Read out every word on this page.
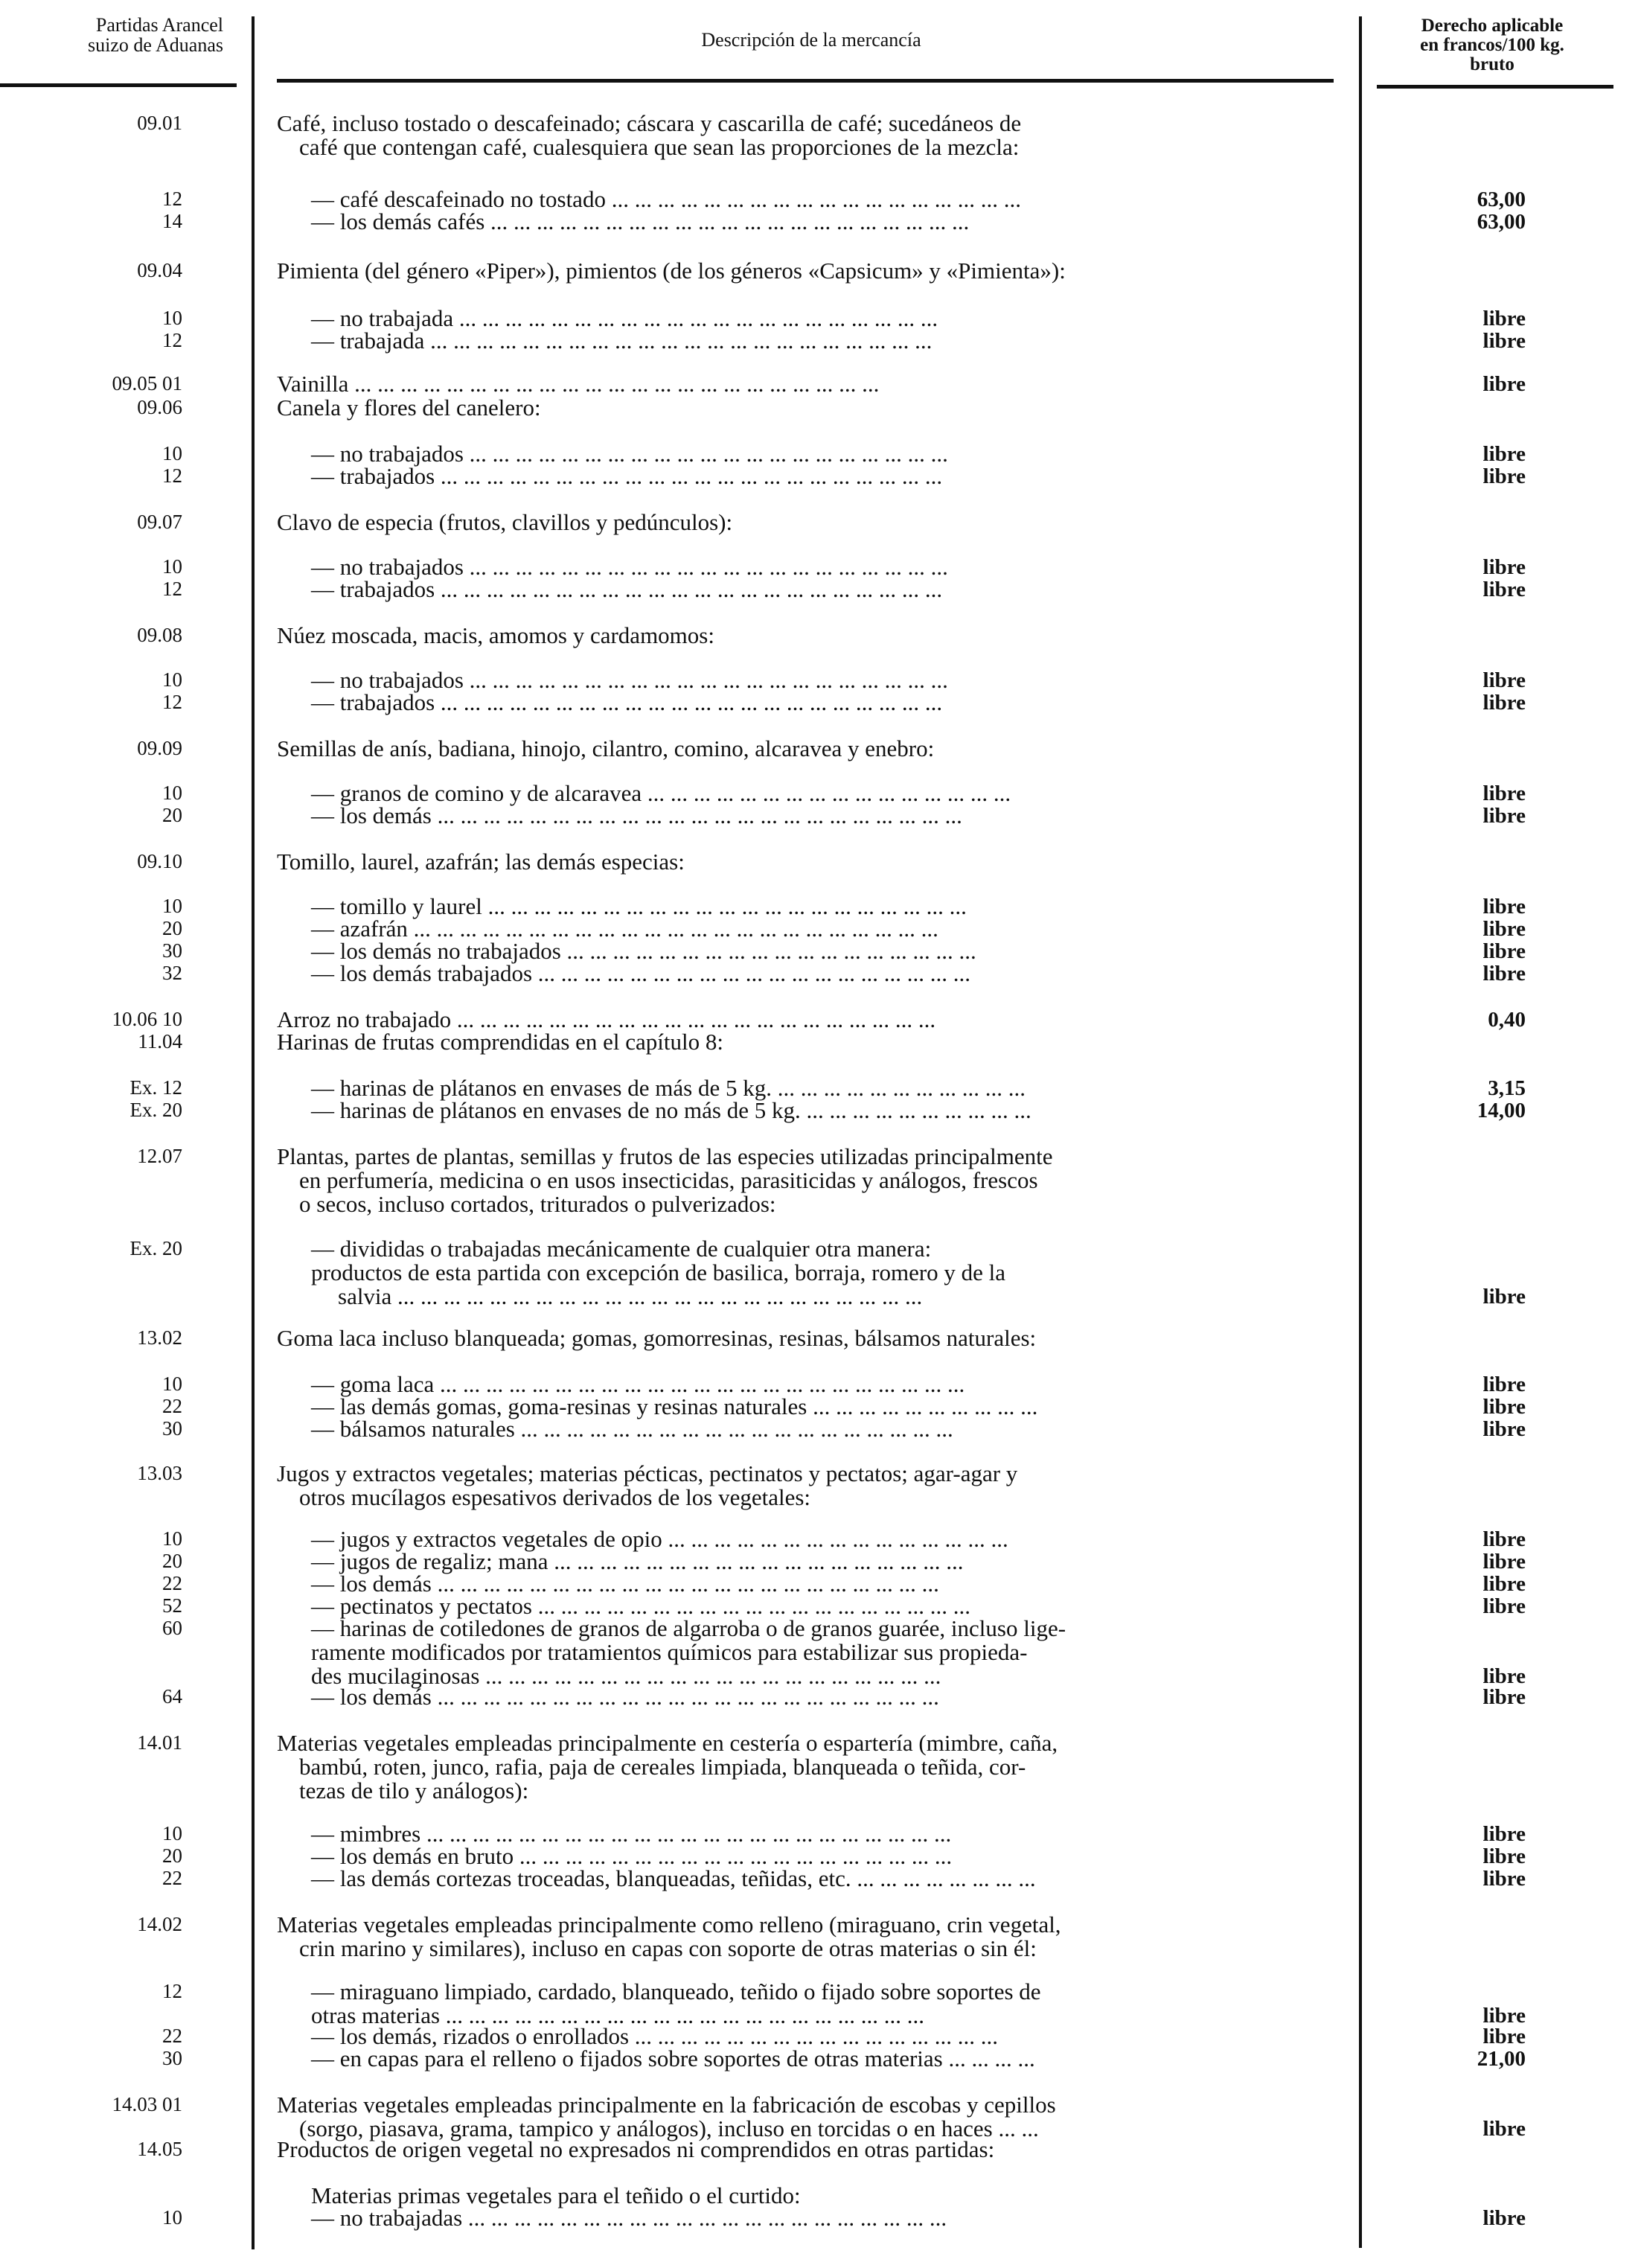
Partidas Arancel
suizo de Aduanas	Descripción de la mercancía
Derecho aplicable
en francos/100 kg.
bruto
09.01	Café, incluso tostado o descafeinado; cáscara y cascarilla de café; sucedáneos de
café que contengan café, cualesquiera que sean las proporciones de la mezcla:
12	— café descafeinado no tostado ... ... ... ... ... ... ... ... ... ... ... ... ... ... ... ... ... ...	63,00
14	— los demás cafés ... ... ... ... ... ... ... ... ... ... ... ... ... ... ... ... ... ... ... ... ...	63,00
09.04	Pimienta (del género «Piper»), pimientos (de los géneros «Capsicum» y «Pimienta»):
10	— no trabajada ... ... ... ... ... ... ... ... ... ... ... ... ... ... ... ... ... ... ... ... ...	libre
12	— trabajada ... ... ... ... ... ... ... ... ... ... ... ... ... ... ... ... ... ... ... ... ... ...	libre
09.05 01	Vainilla ... ... ... ... ... ... ... ... ... ... ... ... ... ... ... ... ... ... ... ... ... ... ...	libre
09.06	Canela y flores del canelero:
10	— no trabajados ... ... ... ... ... ... ... ... ... ... ... ... ... ... ... ... ... ... ... ... ...	libre
12	— trabajados ... ... ... ... ... ... ... ... ... ... ... ... ... ... ... ... ... ... ... ... ... ...	libre
09.07	Clavo de especia (frutos, clavillos y pedúnculos):
10	— no trabajados ... ... ... ... ... ... ... ... ... ... ... ... ... ... ... ... ... ... ... ... ...	libre
12	— trabajados ... ... ... ... ... ... ... ... ... ... ... ... ... ... ... ... ... ... ... ... ... ...	libre
09.08	Núez moscada, macis, amomos y cardamomos:
10	— no trabajados ... ... ... ... ... ... ... ... ... ... ... ... ... ... ... ... ... ... ... ... ...	libre
12	— trabajados ... ... ... ... ... ... ... ... ... ... ... ... ... ... ... ... ... ... ... ... ... ...	libre
09.09	Semillas de anís, badiana, hinojo, cilantro, comino, alcaravea y enebro:
10	— granos de comino y de alcaravea ... ... ... ... ... ... ... ... ... ... ... ... ... ... ... ...	libre
20	— los demás ... ... ... ... ... ... ... ... ... ... ... ... ... ... ... ... ... ... ... ... ... ... ...	libre
09.10	Tomillo, laurel, azafrán; las demás especias:
10	— tomillo y laurel ... ... ... ... ... ... ... ... ... ... ... ... ... ... ... ... ... ... ... ... ...	libre
20	— azafrán ... ... ... ... ... ... ... ... ... ... ... ... ... ... ... ... ... ... ... ... ... ... ...	libre
30	— los demás no trabajados ... ... ... ... ... ... ... ... ... ... ... ... ... ... ... ... ... ...	libre
32	— los demás trabajados ... ... ... ... ... ... ... ... ... ... ... ... ... ... ... ... ... ... ...	libre
10.06 10	Arroz no trabajado ... ... ... ... ... ... ... ... ... ... ... ... ... ... ... ... ... ... ... ... ...	0,40
11.04	Harinas de frutas comprendidas en el capítulo 8:
Ex. 12	— harinas de plátanos en envases de más de 5 kg. ... ... ... ... ... ... ... ... ... ... ...	3,15
Ex. 20	— harinas de plátanos en envases de no más de 5 kg. ... ... ... ... ... ... ... ... ... ...	14,00
12.07	Plantas, partes de plantas, semillas y frutos de las especies utilizadas principalmente
en perfumería, medicina o en usos insecticidas, parasiticidas y análogos, frescos
o secos, incluso cortados, triturados o pulverizados:
Ex. 20	— divididas o trabajadas mecánicamente de cualquier otra manera:
productos de esta partida con excepción de basilica, borraja, romero y de la
salvia ... ... ... ... ... ... ... ... ... ... ... ... ... ... ... ... ... ... ... ... ... ... ...	libre
13.02	Goma laca incluso blanqueada; gomas, gomorresinas, resinas, bálsamos naturales:
10	— goma laca ... ... ... ... ... ... ... ... ... ... ... ... ... ... ... ... ... ... ... ... ... ... ...	libre
22	— las demás gomas, goma-resinas y resinas naturales ... ... ... ... ... ... ... ... ... ...	libre
30	— bálsamos naturales ... ... ... ... ... ... ... ... ... ... ... ... ... ... ... ... ... ... ...	libre
13.03	Jugos y extractos vegetales; materias pécticas, pectinatos y pectatos; agar-agar y
otros mucílagos espesativos derivados de los vegetales:
10	— jugos y extractos vegetales de opio ... ... ... ... ... ... ... ... ... ... ... ... ... ... ...	libre
20	— jugos de regaliz; mana ... ... ... ... ... ... ... ... ... ... ... ... ... ... ... ... ... ...	libre
22	— los demás ... ... ... ... ... ... ... ... ... ... ... ... ... ... ... ... ... ... ... ... ... ...	libre
52	— pectinatos y pectatos ... ... ... ... ... ... ... ... ... ... ... ... ... ... ... ... ... ... ...	libre
60	— harinas de cotiledones de granos de algarroba o de granos guarée, incluso lige-
ramente modificados por tratamientos químicos para estabilizar sus propieda-
des mucilaginosas ... ... ... ... ... ... ... ... ... ... ... ... ... ... ... ... ... ... ... ...	libre
64	— los demás ... ... ... ... ... ... ... ... ... ... ... ... ... ... ... ... ... ... ... ... ... ...	libre
14.01	Materias vegetales empleadas principalmente en cestería o espartería (mimbre, caña,
bambú, roten, junco, rafia, paja de cereales limpiada, blanqueada o teñida, cor-
tezas de tilo y análogos):
10	— mimbres ... ... ... ... ... ... ... ... ... ... ... ... ... ... ... ... ... ... ... ... ... ... ...	libre
20	— los demás en bruto ... ... ... ... ... ... ... ... ... ... ... ... ... ... ... ... ... ... ...	libre
22	— las demás cortezas troceadas, blanqueadas, teñidas, etc. ... ... ... ... ... ... ... ...	libre
14.02	Materias vegetales empleadas principalmente como relleno (miraguano, crin vegetal,
crin marino y similares), incluso en capas con soporte de otras materias o sin él:
12	— miraguano limpiado, cardado, blanqueado, teñido o fijado sobre soportes de
otras materias ... ... ... ... ... ... ... ... ... ... ... ... ... ... ... ... ... ... ... ... ...	libre
22	— los demás, rizados o enrollados ... ... ... ... ... ... ... ... ... ... ... ... ... ... ... ...	libre
30	— en capas para el relleno o fijados sobre soportes de otras materias ... ... ... ...	21,00
14.03 01	Materias vegetales empleadas principalmente en la fabricación de escobas y cepillos
(sorgo, piasava, grama, tampico y análogos), incluso en torcidas o en haces ... ...	libre
14.05	Productos de origen vegetal no expresados ni comprendidos en otras partidas:
Materias primas vegetales para el teñido o el curtido:
10	— no trabajadas ... ... ... ... ... ... ... ... ... ... ... ... ... ... ... ... ... ... ... ... ...	libre
